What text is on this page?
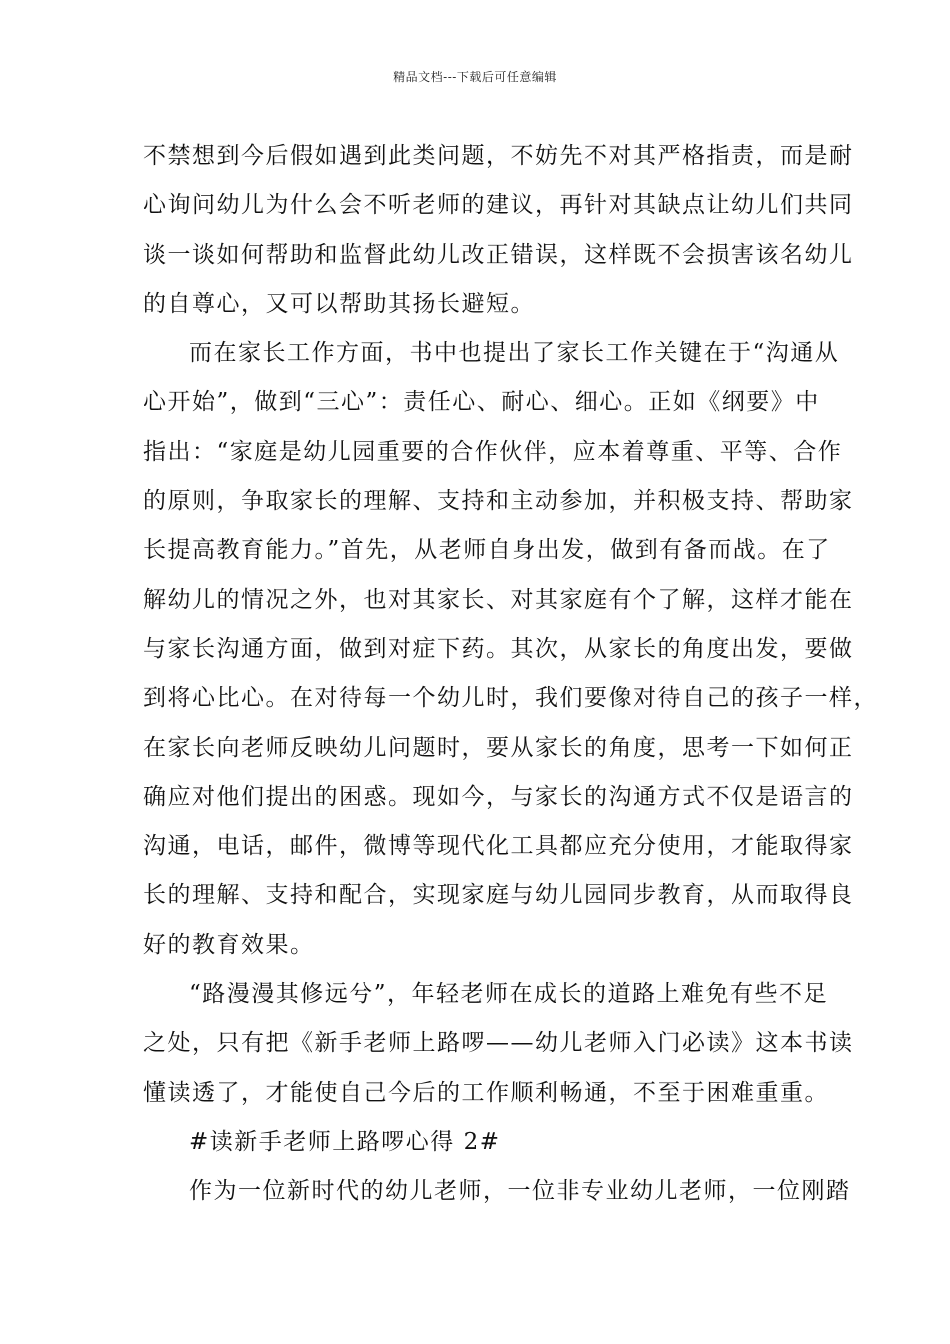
精品文档---下载后可任意编辑
不禁想到今后假如遇到此类问题，不妨先不对其严格指责，而是耐
心询问幼儿为什么会不听老师的建议，再针对其缺点让幼儿们共同
谈一谈如何帮助和监督此幼儿改正错误，这样既不会损害该名幼儿
的自尊心，又可以帮助其扬长避短。
而在家长工作方面，书中也提出了家长工作关键在于“沟通从
心开始”，做到“三心”：责任心、耐心、细心。正如《纲要》中
指出：“家庭是幼儿园重要的合作伙伴，应本着尊重、平等、合作
的原则，争取家长的理解、支持和主动参加，并积极支持、帮助家
长提高教育能力。”首先，从老师自身出发，做到有备而战。在了
解幼儿的情况之外，也对其家长、对其家庭有个了解，这样才能在
与家长沟通方面，做到对症下药。其次，从家长的角度出发，要做
到将心比心。在对待每一个幼儿时，我们要像对待自己的孩子一样，
在家长向老师反映幼儿问题时，要从家长的角度，思考一下如何正
确应对他们提出的困惑。现如今，与家长的沟通方式不仅是语言的
沟通，电话，邮件，微博等现代化工具都应充分使用，才能取得家
长的理解、支持和配合，实现家庭与幼儿园同步教育，从而取得良
好的教育效果。
“路漫漫其修远兮”，年轻老师在成长的道路上难免有些不足
之处，只有把《新手老师上路啰——幼儿老师入门必读》这本书读
懂读透了，才能使自己今后的工作顺利畅通，不至于困难重重。
#读新手老师上路啰心得 2#
作为一位新时代的幼儿老师，一位非专业幼儿老师，一位刚踏
